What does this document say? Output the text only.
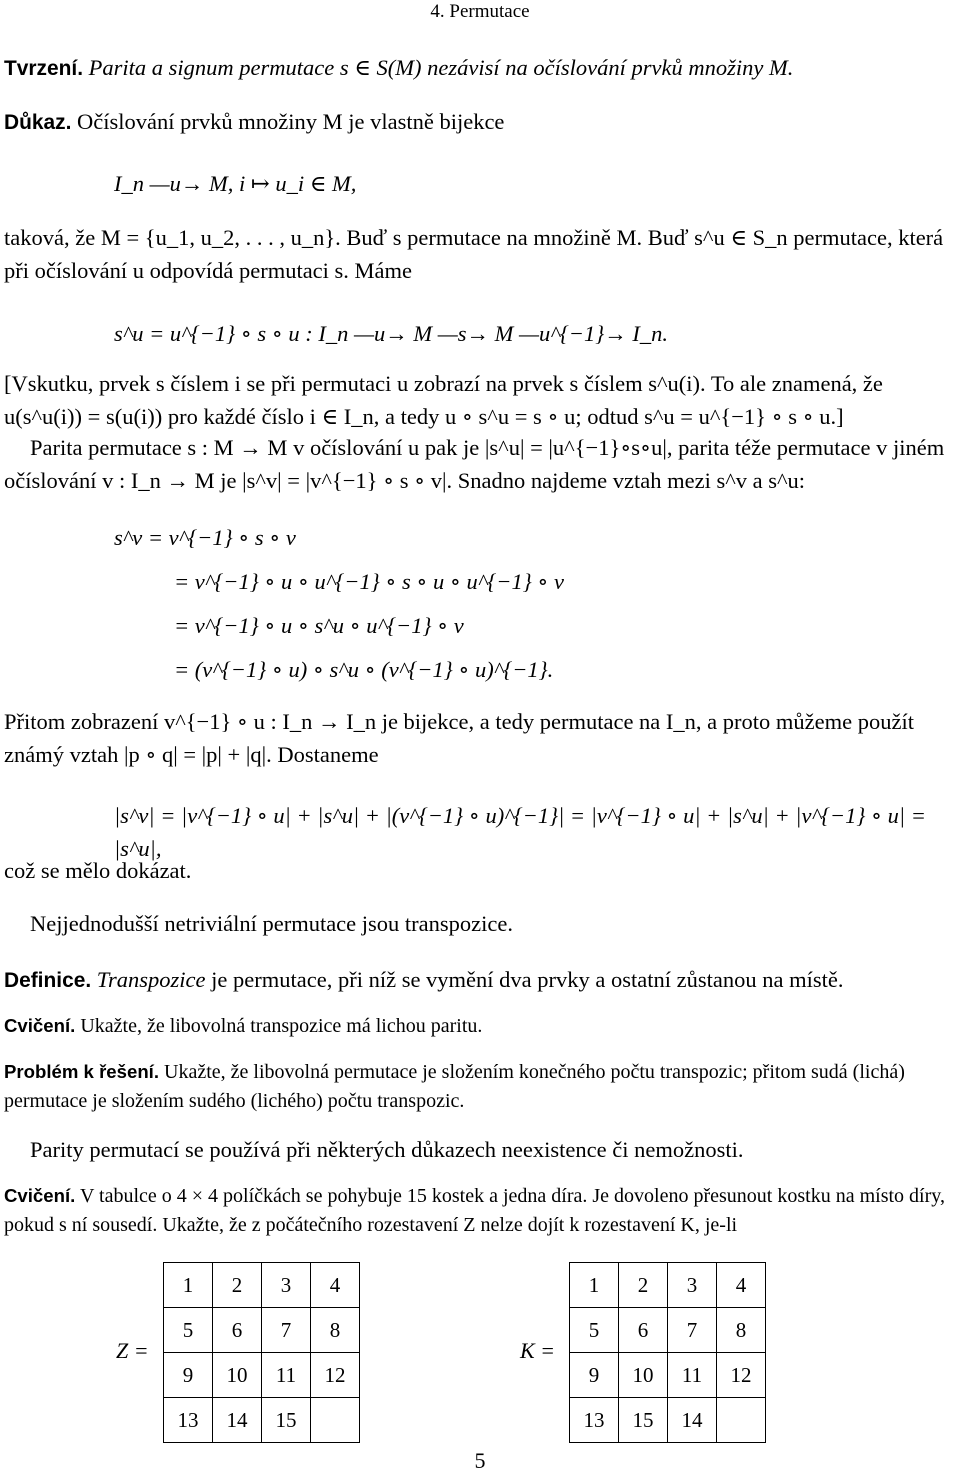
4. Permutace

Tvrzení. Parita a signum permutace s ∈ S(M) nezávisí na očíslování prvků množiny M.

Důkaz. Očíslování prvků množiny M je vlastně bijekce

I_n —u→ M, i ↦ u_i ∈ M,

taková, že M = {u_1, u_2, . . . , u_n}. Buď s permutace na množině M. Buď s^u ∈ S_n permutace, která při očíslování u odpovídá permutaci s. Máme

s^u = u^{−1} ∘ s ∘ u : I_n —u→ M —s→ M —u^{−1}→ I_n.

[Vskutku, prvek s číslem i se při permutaci u zobrazí na prvek s číslem s^u(i). To ale znamená, že u(s^u(i)) = s(u(i)) pro každé číslo i ∈ I_n, a tedy u ∘ s^u = s ∘ u; odtud s^u = u^{−1} ∘ s ∘ u.]

Parita permutace s : M → M v očíslování u pak je |s^u| = |u^{−1}∘s∘u|, parita téže permutace v jiném očíslování v : I_n → M je |s^v| = |v^{−1} ∘ s ∘ v|. Snadno najdeme vztah mezi s^v a s^u:

s^v = v^{−1} ∘ s ∘ v
= v^{−1} ∘ u ∘ u^{−1} ∘ s ∘ u ∘ u^{−1} ∘ v
= v^{−1} ∘ u ∘ s^u ∘ u^{−1} ∘ v
= (v^{−1} ∘ u) ∘ s^u ∘ (v^{−1} ∘ u)^{−1}.

Přitom zobrazení v^{−1} ∘ u : I_n → I_n je bijekce, a tedy permutace na I_n, a proto můžeme použít známý vztah |p ∘ q| = |p| + |q|. Dostaneme

|s^v| = |v^{−1} ∘ u| + |s^u| + |(v^{−1} ∘ u)^{−1}| = |v^{−1} ∘ u| + |s^u| + |v^{−1} ∘ u| = |s^u|,

což se mělo dokázat.

Nejjednodušší netriviální permutace jsou transpozice.

Definice. Transpozice je permutace, při níž se vymění dva prvky a ostatní zůstanou na místě.

Cvičení. Ukažte, že libovolná transpozice má lichou paritu.

Problém k řešení. Ukažte, že libovolná permutace je složením konečného počtu transpozic; přitom sudá (lichá) permutace je složením sudého (lichého) počtu transpozic.

Parity permutací se používá při některých důkazech neexistence či nemožnosti.

Cvičení. V tabulce o 4 × 4 políčkách se pohybuje 15 kostek a jedna díra. Je dovoleno přesunout kostku na místo díry, pokud s ní sousedí. Ukažte, že z počátečního rozestavení Z nelze dojít k rozestavení K, je-li

Z =
1	2	3	4
5	6	7	8
9	10	11	12
13	14	15	
K =
1	2	3	4
5	6	7	8
9	10	11	12
13	15	14	
5
